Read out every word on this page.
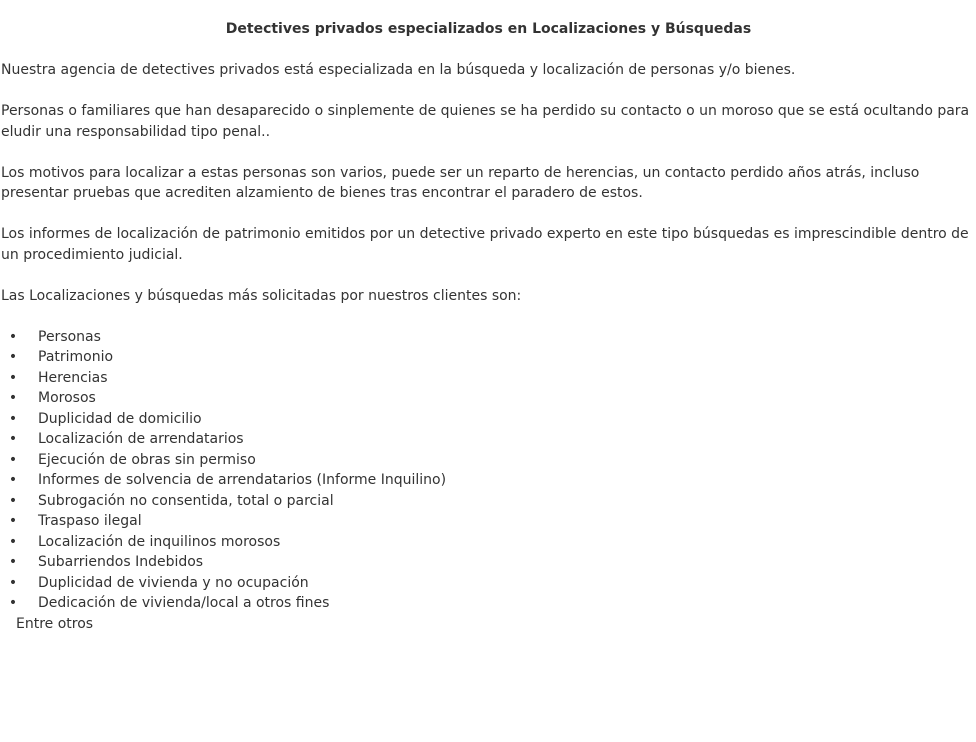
Detectives privados especializados en Localizaciones y Búsquedas

Nuestra agencia de detectives privados está especializada en la búsqueda y localización de personas y/o bienes.

Personas o familiares que han desaparecido o sinplemente de quienes se ha perdido su contacto o un moroso que se está ocultando para eludir una responsabilidad tipo penal..

Los motivos para localizar a estas personas son varios, puede ser un reparto de herencias, un contacto perdido años atrás, incluso presentar pruebas que acrediten alzamiento de bienes tras encontrar el paradero de estos.

Los informes de localización de patrimonio emitidos por un detective privado experto en este tipo búsquedas es imprescindible dentro de un procedimiento judicial.

Las Localizaciones y búsquedas más solicitadas por nuestros clientes son:

• Personas
• Patrimonio
• Herencias
• Morosos
• Duplicidad de domicilio
• Localización de arrendatarios
• Ejecución de obras sin permiso
• Informes de solvencia de arrendatarios (Informe Inquilino)
• Subrogación no consentida, total o parcial
• Traspaso ilegal
• Localización de inquilinos morosos
• Subarriendos Indebidos
• Duplicidad de vivienda y no ocupación
• Dedicación de vivienda/local a otros fines

Entre otros
